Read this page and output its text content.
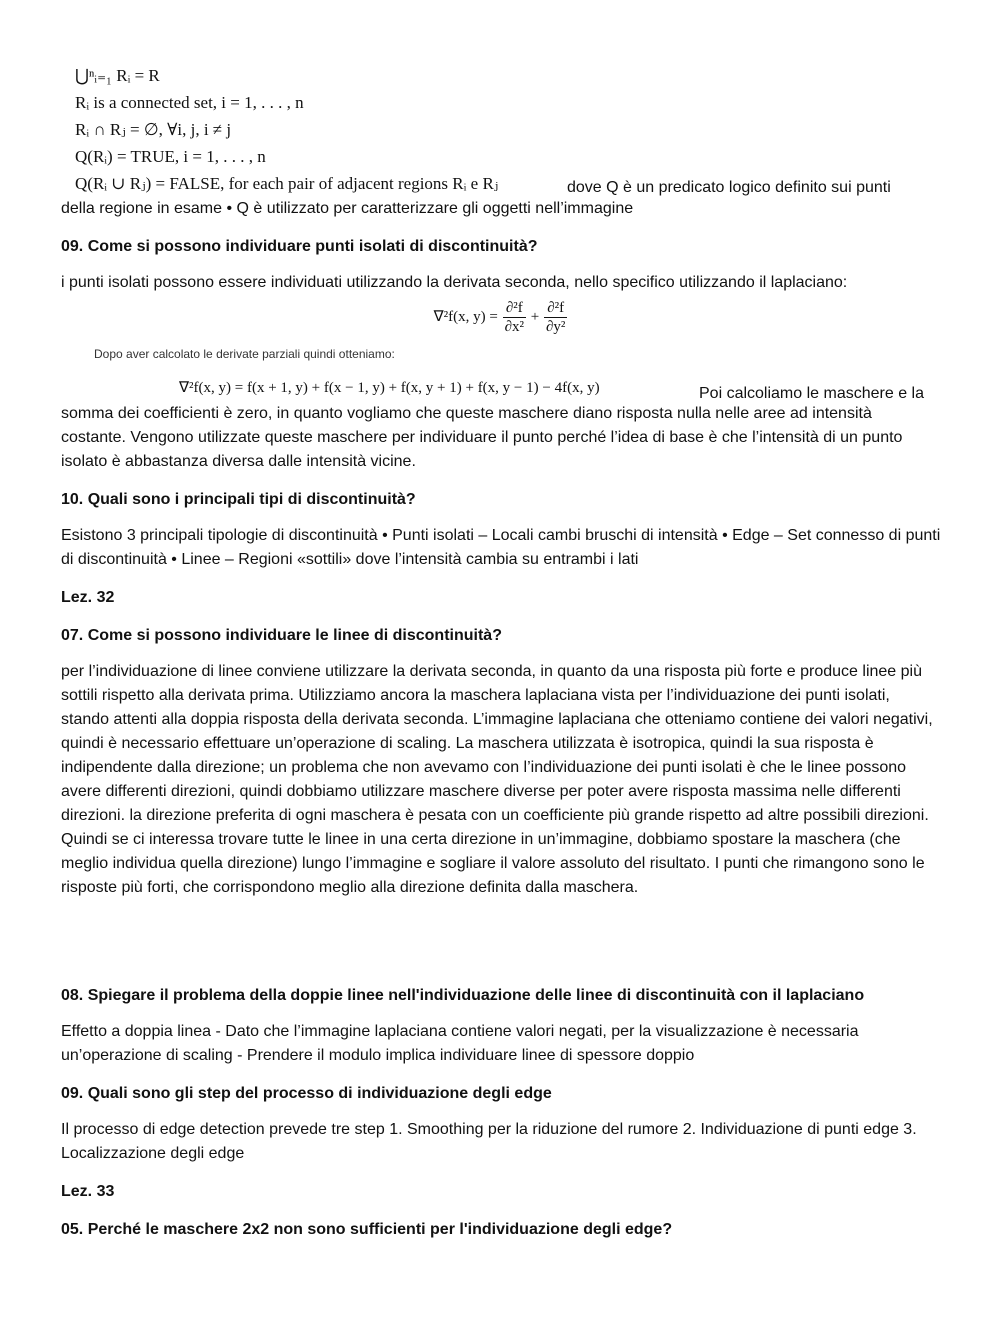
⋃ⁿᵢ₌₁ Rᵢ = R
Rᵢ is a connected set, i = 1, . . . , n
Rᵢ ∩ Rⱼ = ∅, ∀i, j, i ≠ j
Q(Rᵢ) = TRUE, i = 1, . . . , n
Q(Rᵢ ∪ Rⱼ) = FALSE, for each pair of adjacent regions Rᵢ e Rⱼ	dove Q è un predicato logico definito sui punti

della regione in esame • Q è utilizzato per caratterizzare gli oggetti nell’immagine

09. Come si possono individuare punti isolati di discontinuità?

i punti isolati possono essere individuati utilizzando la derivata seconda, nello specifico utilizzando il laplaciano:

∇²f(x, $y) = \frac{\text{∂²f}}{\text{∂x²}} + \frac{\text{∂²f}}{\text{∂y²}}$
Dopo aver calcolato le derivate parziali quindi otteniamo:
∇²f(x, y) = f(x + 1, y) + f(x − 1, y) + f(x, y + 1) + f(x, y − 1) − 4f(x, y)	Poi calcoliamo le maschere e la

somma dei coefficienti è zero, in quanto vogliamo che queste maschere diano risposta nulla nelle aree ad intensità costante. Vengono utilizzate queste maschere per individuare il punto perché l’idea di base è che l’intensità di un punto isolato è abbastanza diversa dalle intensità vicine.

10. Quali sono i principali tipi di discontinuità?

Esistono 3 principali tipologie di discontinuità • Punti isolati – Locali cambi bruschi di intensità • Edge – Set connesso di punti di discontinuità • Linee – Regioni «sottili» dove l’intensità cambia su entrambi i lati

Lez. 32

07. Come si possono individuare le linee di discontinuità?

per l’individuazione di linee conviene utilizzare la derivata seconda, in quanto da una risposta più forte e produce linee più sottili rispetto alla derivata prima. Utilizziamo ancora la maschera laplaciana vista per l’individuazione dei punti isolati, stando attenti alla doppia risposta della derivata seconda. L’immagine laplaciana che otteniamo contiene dei valori negativi, quindi è necessario effettuare un’operazione di scaling. La maschera utilizzata è isotropica, quindi la sua risposta è indipendente dalla direzione; un problema che non avevamo con l’individuazione dei punti isolati è che le linee possono avere differenti direzioni, quindi dobbiamo utilizzare maschere diverse per poter avere risposta massima nelle differenti direzioni. la direzione preferita di ogni maschera è pesata con un coefficiente più grande rispetto ad altre possibili direzioni. Quindi se ci interessa trovare tutte le linee in una certa direzione in un’immagine, dobbiamo spostare la maschera (che meglio individua quella direzione) lungo l’immagine e sogliare il valore assoluto del risultato. I punti che rimangono sono le risposte più forti, che corrispondono meglio alla direzione definita dalla maschera.

08. Spiegare il problema della doppie linee nell'individuazione delle linee di discontinuità con il laplaciano

Effetto a doppia linea - Dato che l’immagine laplaciana contiene valori negati, per la visualizzazione è necessaria un’operazione di scaling - Prendere il modulo implica individuare linee di spessore doppio

09. Quali sono gli step del processo di individuazione degli edge

Il processo di edge detection prevede tre step 1. Smoothing per la riduzione del rumore 2. Individuazione di punti edge 3. Localizzazione degli edge

Lez. 33

05. Perché le maschere 2x2 non sono sufficienti per l'individuazione degli edge?
